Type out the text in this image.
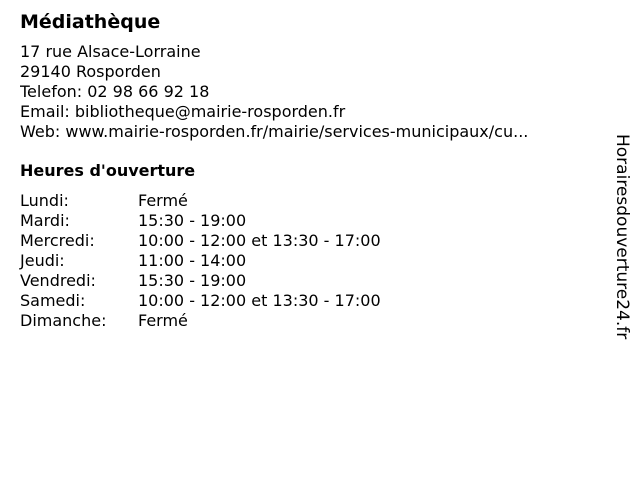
Médiathèque
17 rue Alsace-Lorraine
29140 Rosporden
Telefon: 02 98 66 92 18
Email: bibliotheque@mairie-rosporden.fr
Web: www.mairie-rosporden.fr/mairie/services-municipaux/cu...
Heures d'ouverture
Lundi:	Fermé
Mardi:	15:30 - 19:00
Mercredi:	10:00 - 12:00 et 13:30 - 17:00
Jeudi:	11:00 - 14:00
Vendredi:	15:30 - 19:00
Samedi:	10:00 - 12:00 et 13:30 - 17:00
Dimanche:	Fermé	Horairesdouverture24.fr
